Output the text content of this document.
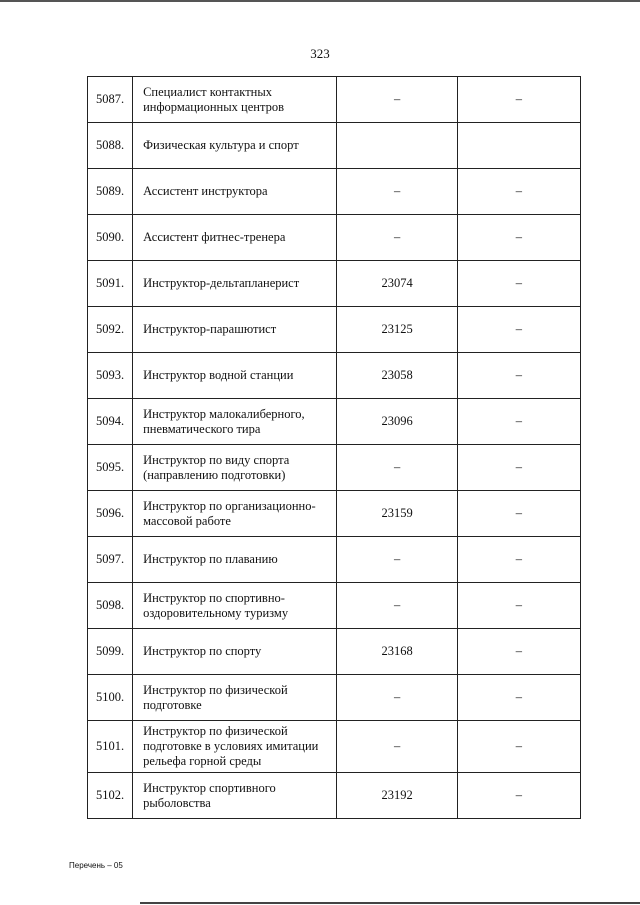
323
5087.	Специалист контактных информационных центров	–	–
5088.	Физическая культура и спорт		
5089.	Ассистент инструктора	–	–
5090.	Ассистент фитнес-тренера	–	–
5091.	Инструктор-дельтапланерист	23074	–
5092.	Инструктор-парашютист	23125	–
5093.	Инструктор водной станции	23058	–
5094.	Инструктор малокалиберного, пневматического тира	23096	–
5095.	Инструктор по виду спорта (направлению подготовки)	–	–
5096.	Инструктор по организационно-массовой работе	23159	–
5097.	Инструктор по плаванию	–	–
5098.	Инструктор по спортивно-оздоровительному туризму	–	–
5099.	Инструктор по спорту	23168	–
5100.	Инструктор по физической подготовке	–	–
5101.	Инструктор по физической подготовке в условиях имитации рельефа горной среды	–	–
5102.	Инструктор спортивного рыболовства	23192	–
Перечень – 05
